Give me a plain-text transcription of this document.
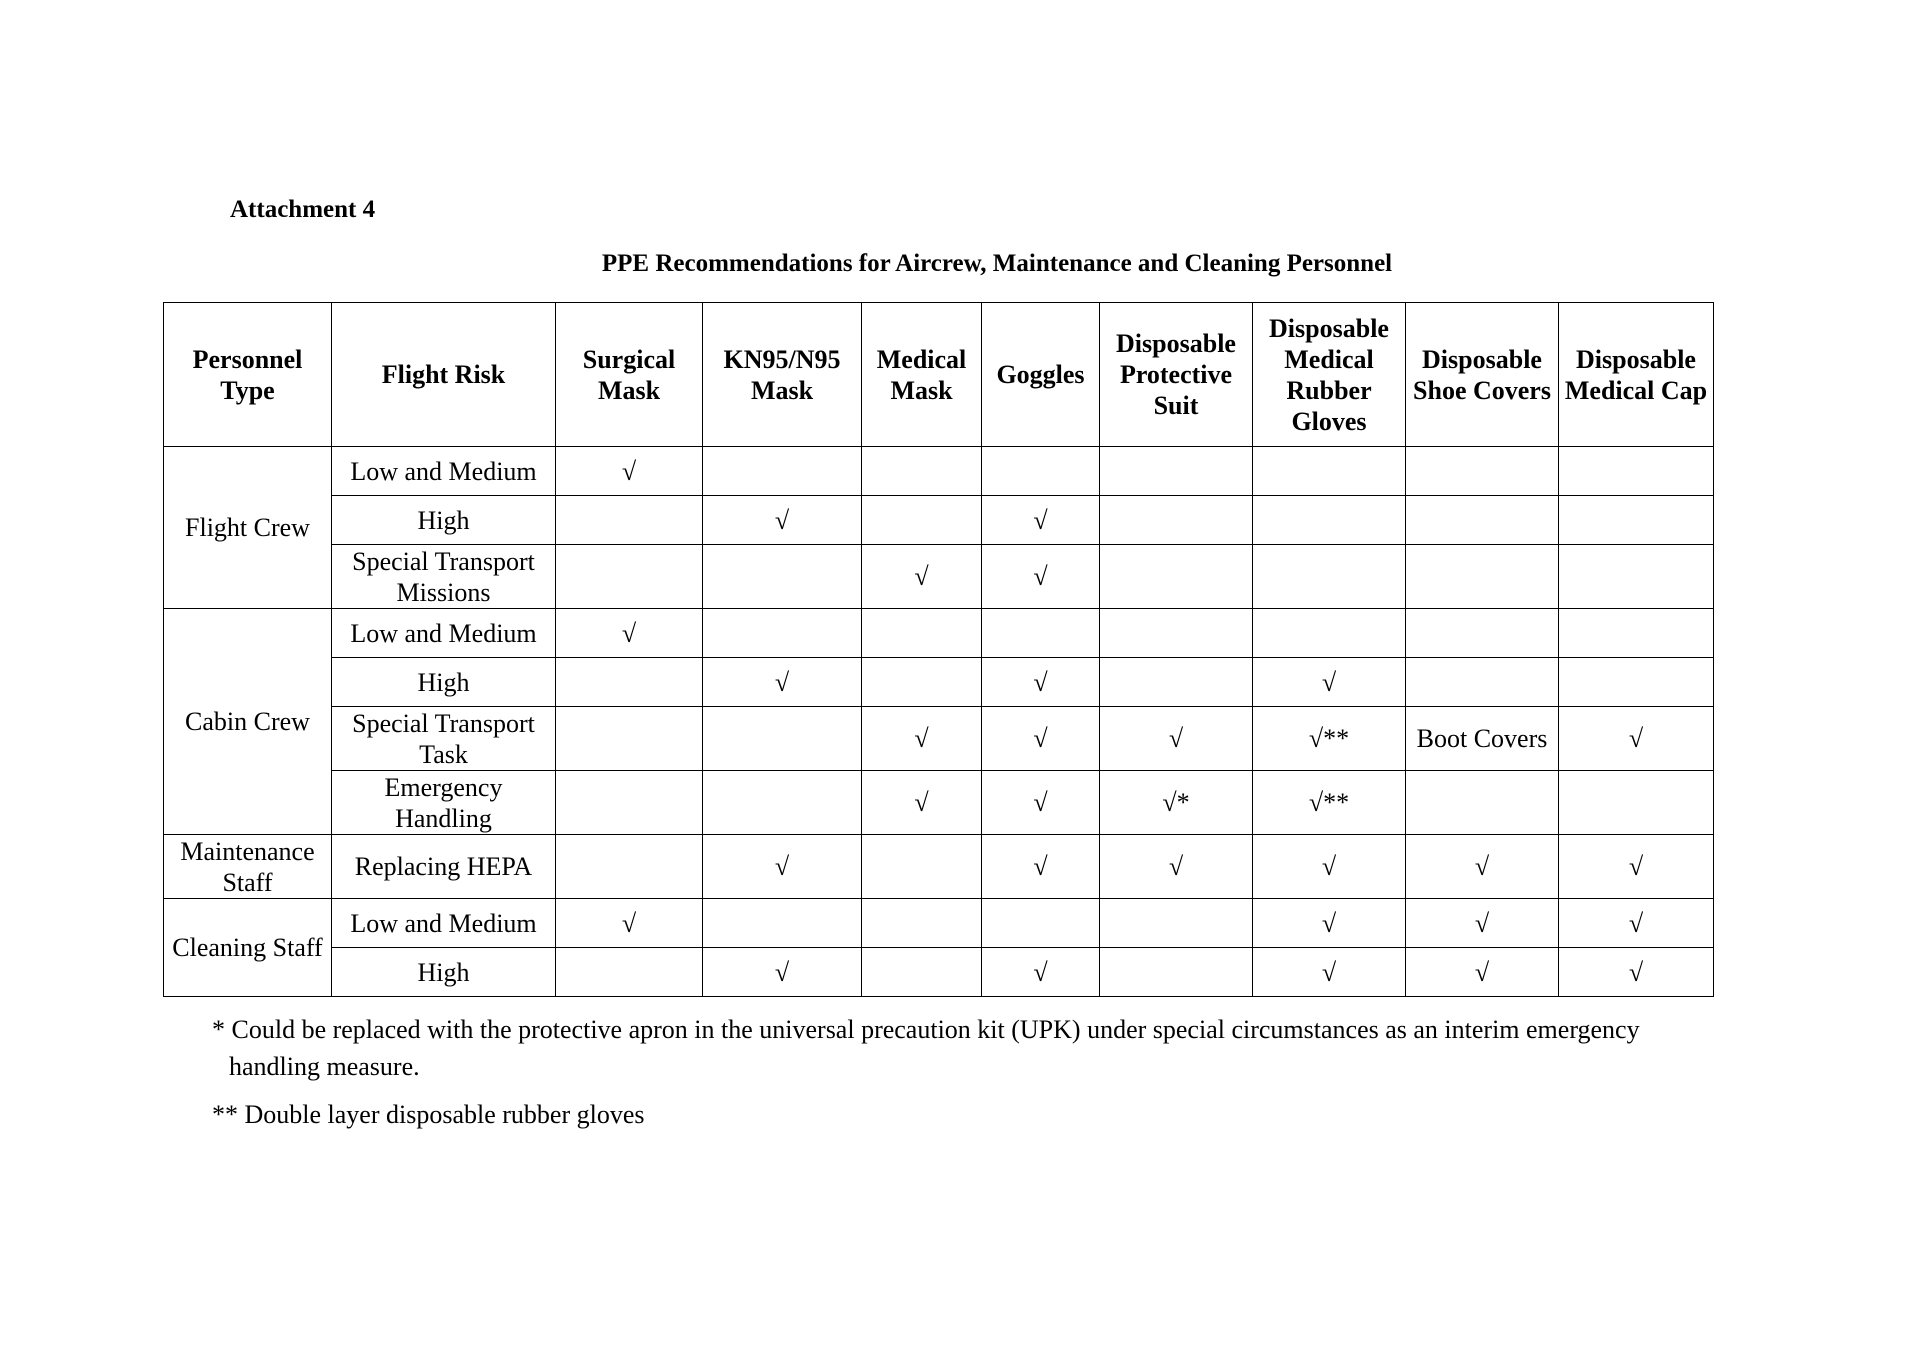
Attachment 4
PPE Recommendations for Aircrew, Maintenance and Cleaning Personnel
Personnel Type	Flight Risk	Surgical Mask	KN95/N95 Mask	Medical Mask	Goggles	Disposable Protective Suit	Disposable Medical Rubber Gloves	Disposable Shoe Covers	Disposable Medical Cap
Flight Crew	Low and Medium	√							
	High		√		√				
	Special Transport Missions			√	√				
Cabin Crew	Low and Medium	√							
	High		√		√		√		
	Special Transport Task			√	√	√	√**	Boot Covers	√
	Emergency Handling			√	√	√*	√**		
Maintenance Staff	Replacing HEPA		√		√	√	√	√	√
Cleaning Staff	Low and Medium	√					√	√	√
	High		√		√		√	√	√
* Could be replaced with the protective apron in the universal precaution kit (UPK) under special circumstances as an interim emergency handling measure.
** Double layer disposable rubber gloves
